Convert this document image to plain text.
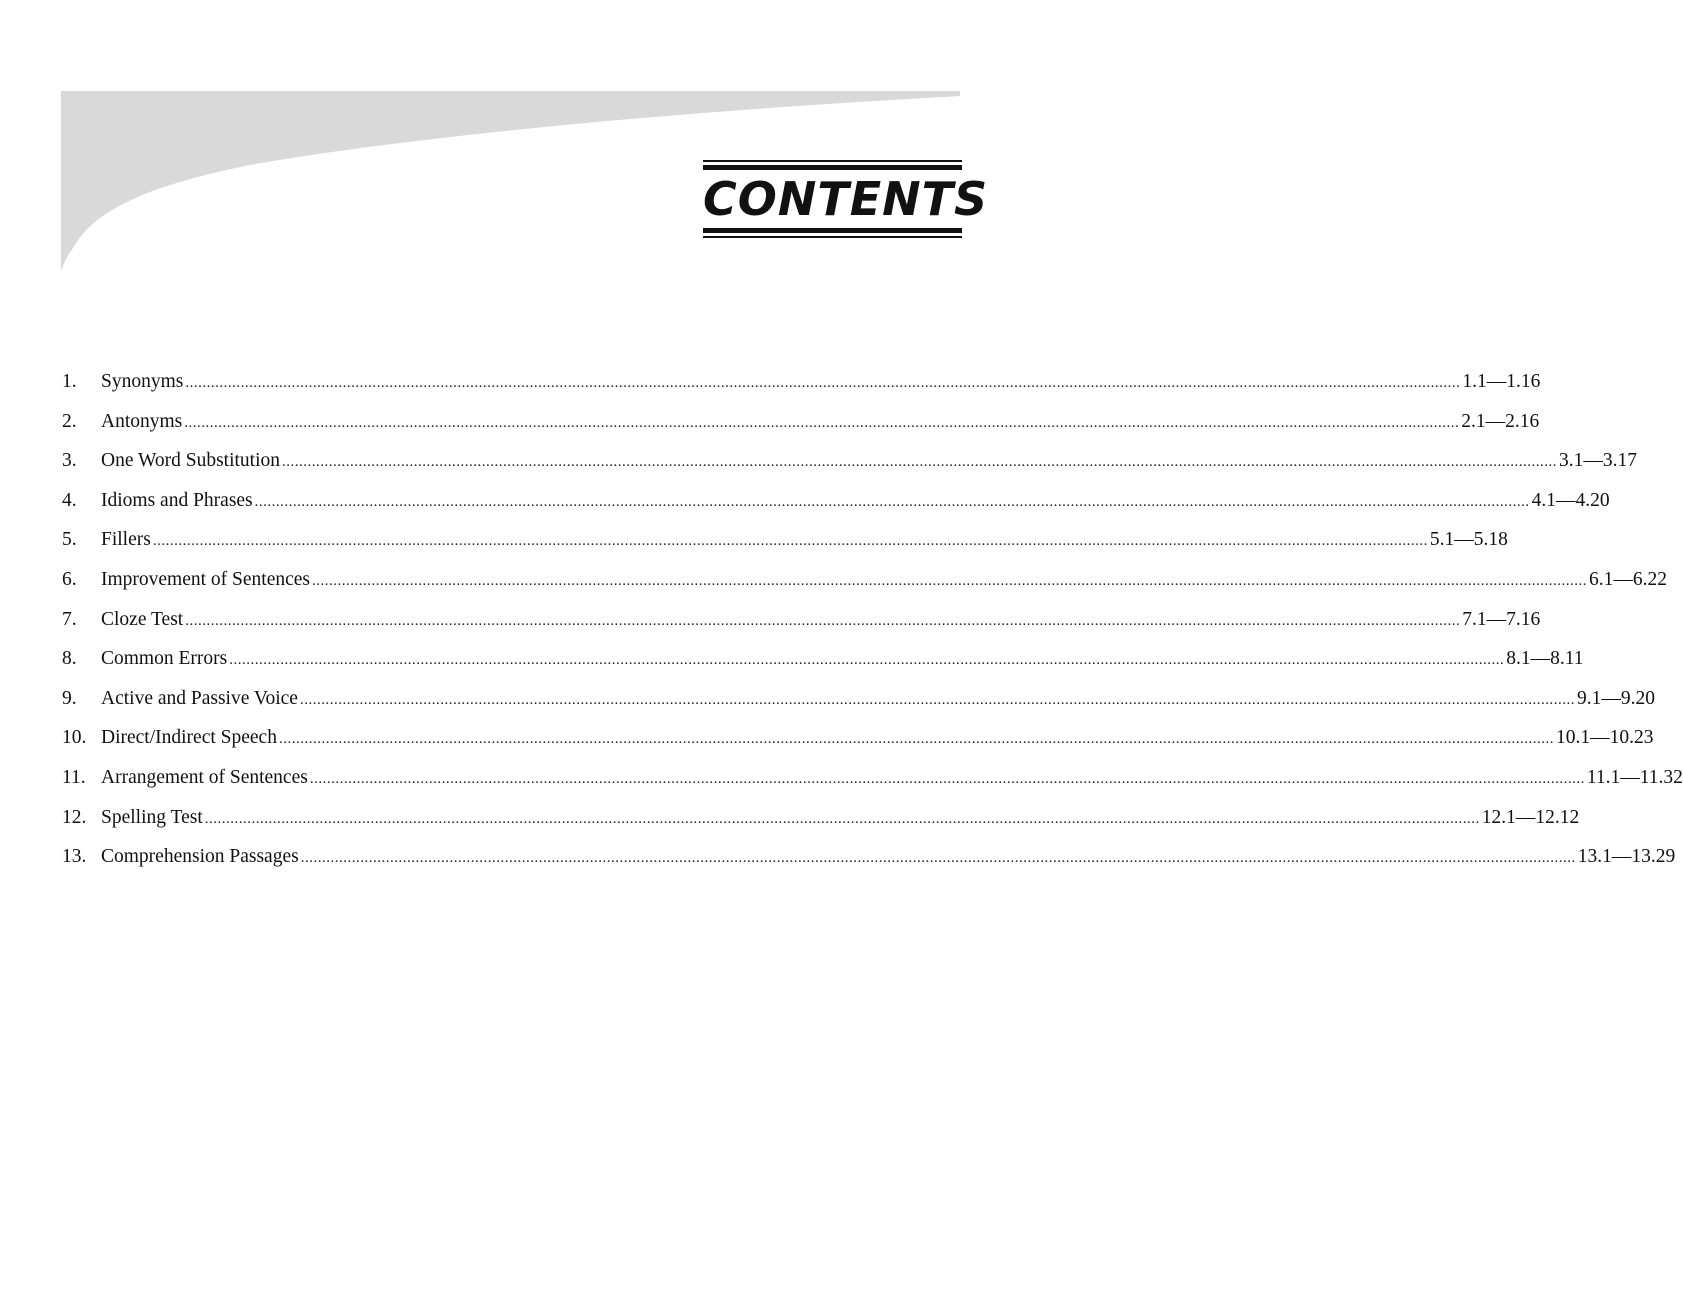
CONTENTS
1.	Synonyms ............................................................................................................................................................................................................................................................................................................ 1.1—1.16
2.	Antonyms ............................................................................................................................................................................................................................................................................................................ 2.1—2.16
3.	One Word Substitution ............................................................................................................................................................................................................................................................................................................ 3.1—3.17
4.	Idioms and Phrases ............................................................................................................................................................................................................................................................................................................ 4.1—4.20
5.	Fillers ............................................................................................................................................................................................................................................................................................................ 5.1—5.18
6.	Improvement of Sentences ............................................................................................................................................................................................................................................................................................................ 6.1—6.22
7.	Cloze Test ............................................................................................................................................................................................................................................................................................................ 7.1—7.16
8.	Common Errors ............................................................................................................................................................................................................................................................................................................ 8.1—8.11
9.	Active and Passive Voice ............................................................................................................................................................................................................................................................................................................ 9.1—9.20
10. Direct/Indirect Speech ............................................................................................................................................................................................................................................................................................................ 10.1—10.23
11. Arrangement of Sentences ............................................................................................................................................................................................................................................................................................................ 11.1—11.32
12. Spelling Test ............................................................................................................................................................................................................................................................................................................ 12.1—12.12
13. Comprehension Passages ............................................................................................................................................................................................................................................................................................................ 13.1—13.29
